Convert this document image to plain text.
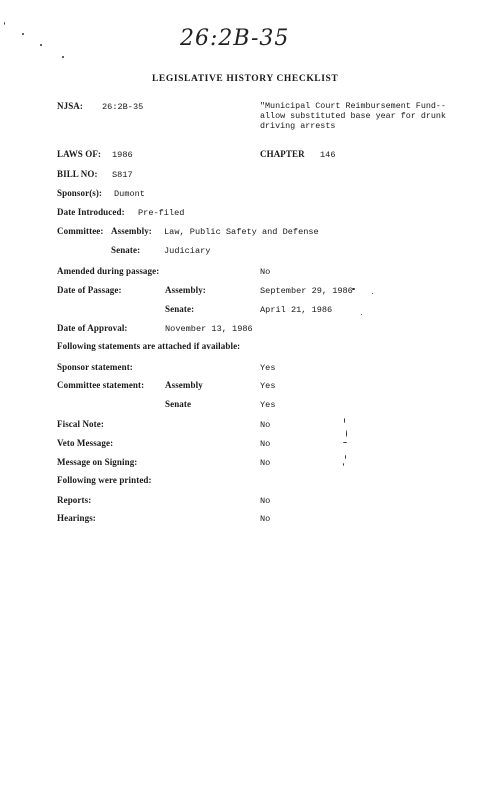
26:2B-35
LEGISLATIVE HISTORY CHECKLIST
NJSA: 26:2B-35	"Municipal Court Reimbursement Fund--allow substituted base year for drunk driving arrests
LAWS OF: 1986	CHAPTER 146
BILL NO: S817
Sponsor(s): Dumont
Date Introduced: Pre-filed
Committee: Assembly: Law, Public Safety and Defense
Senate:	Judiciary
Amended during passage:	No
Date of Passage:	Assembly:	September 29, 1986
Senate:	April 21, 1986
Date of Approval:	November 13, 1986
Following statements are attached if available:
Sponsor statement:	Yes
Committee statement: Assembly	Yes
Senate	Yes
Fiscal Note:	No
Veto Message:	No
Message on Signing:	No
Following were printed:
Reports:	No
Hearings:	No
